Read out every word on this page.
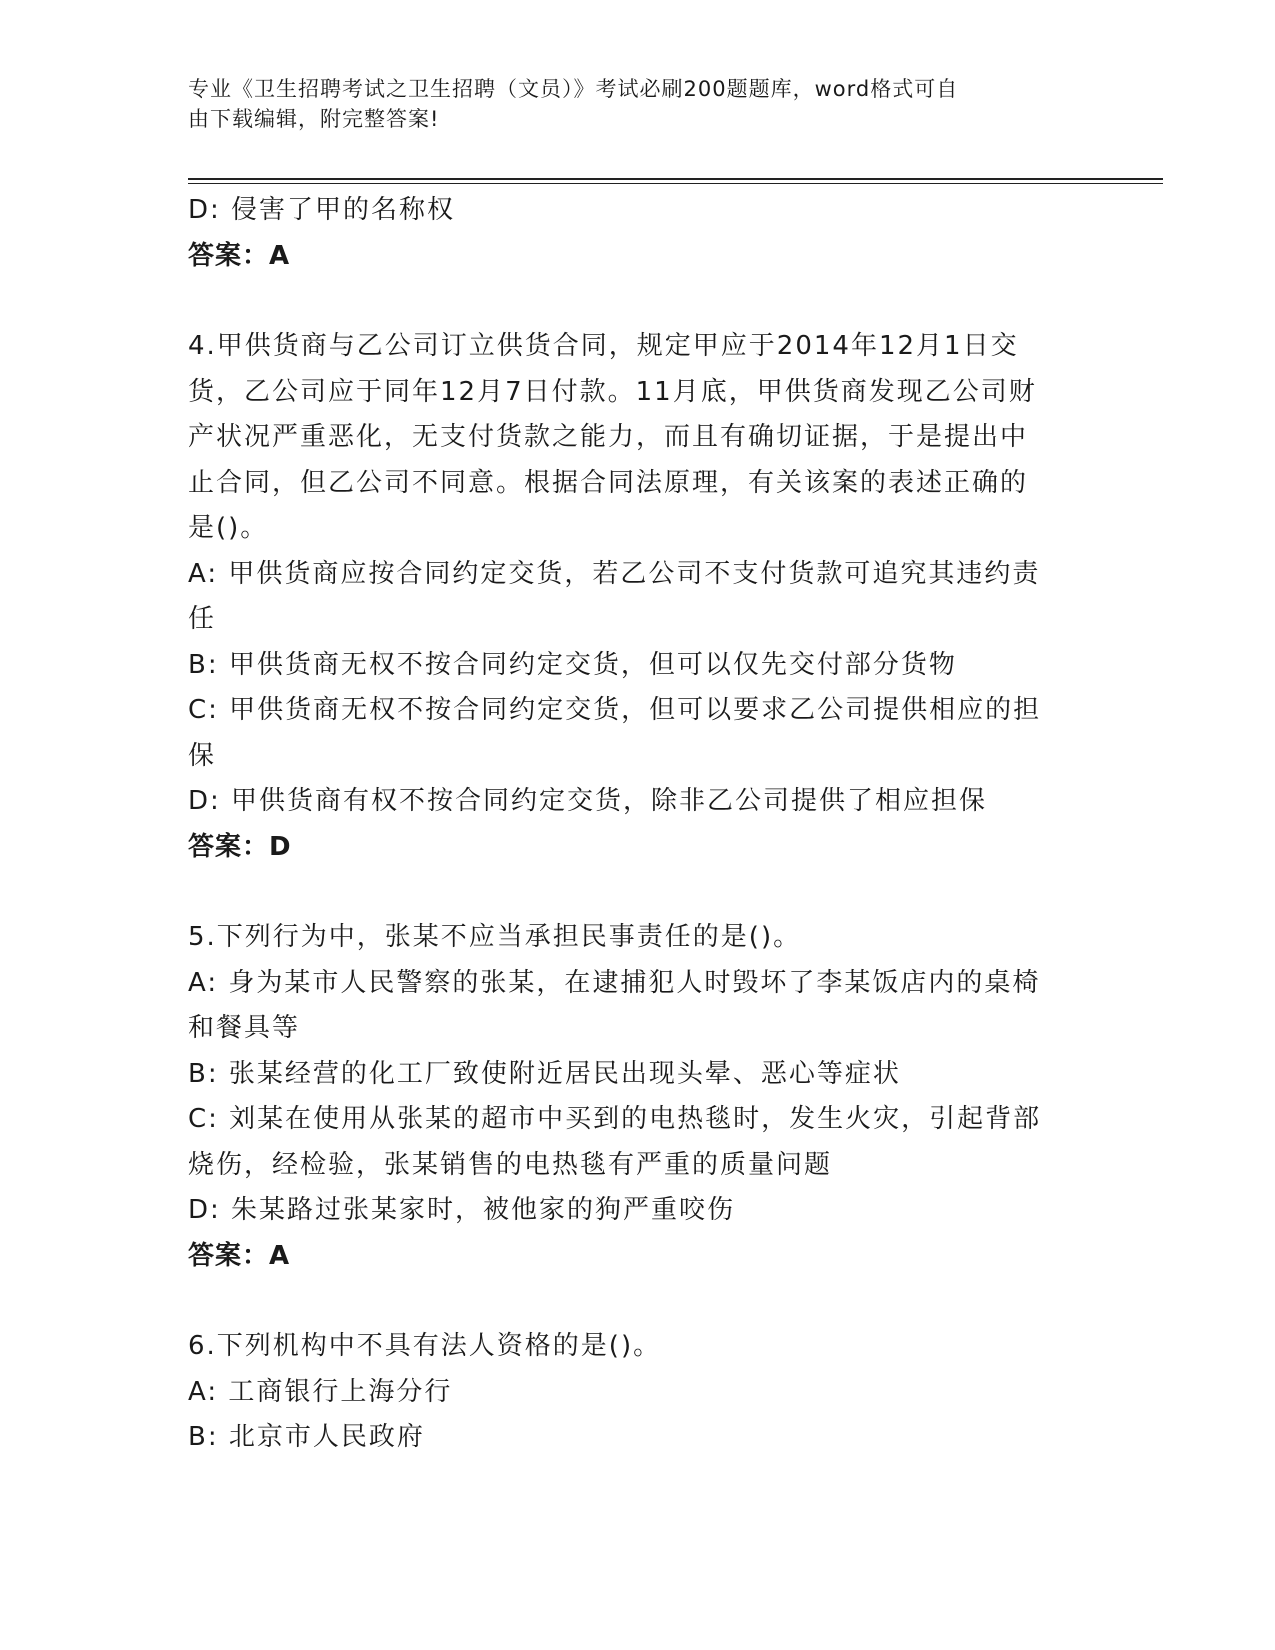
专业《卫生招聘考试之卫生招聘（文员）》考试必刷200题题库，word格式可自
由下载编辑，附完整答案!
D: 侵害了甲的名称权
答案：A
4.甲供货商与乙公司订立供货合同，规定甲应于2014年12月1日交
货，乙公司应于同年12月7日付款。11月底，甲供货商发现乙公司财
产状况严重恶化，无支付货款之能力，而且有确切证据，于是提出中
止合同，但乙公司不同意。根据合同法原理，有关该案的表述正确的
是()。
A: 甲供货商应按合同约定交货，若乙公司不支付货款可追究其违约责
任
B: 甲供货商无权不按合同约定交货，但可以仅先交付部分货物
C: 甲供货商无权不按合同约定交货，但可以要求乙公司提供相应的担
保
D: 甲供货商有权不按合同约定交货，除非乙公司提供了相应担保
答案：D
5.下列行为中，张某不应当承担民事责任的是()。
A: 身为某市人民警察的张某，在逮捕犯人时毁坏了李某饭店内的桌椅
和餐具等
B: 张某经营的化工厂致使附近居民出现头晕、恶心等症状
C: 刘某在使用从张某的超市中买到的电热毯时，发生火灾，引起背部
烧伤，经检验，张某销售的电热毯有严重的质量问题
D: 朱某路过张某家时，被他家的狗严重咬伤
答案：A
6.下列机构中不具有法人资格的是()。
A: 工商银行上海分行
B: 北京市人民政府
